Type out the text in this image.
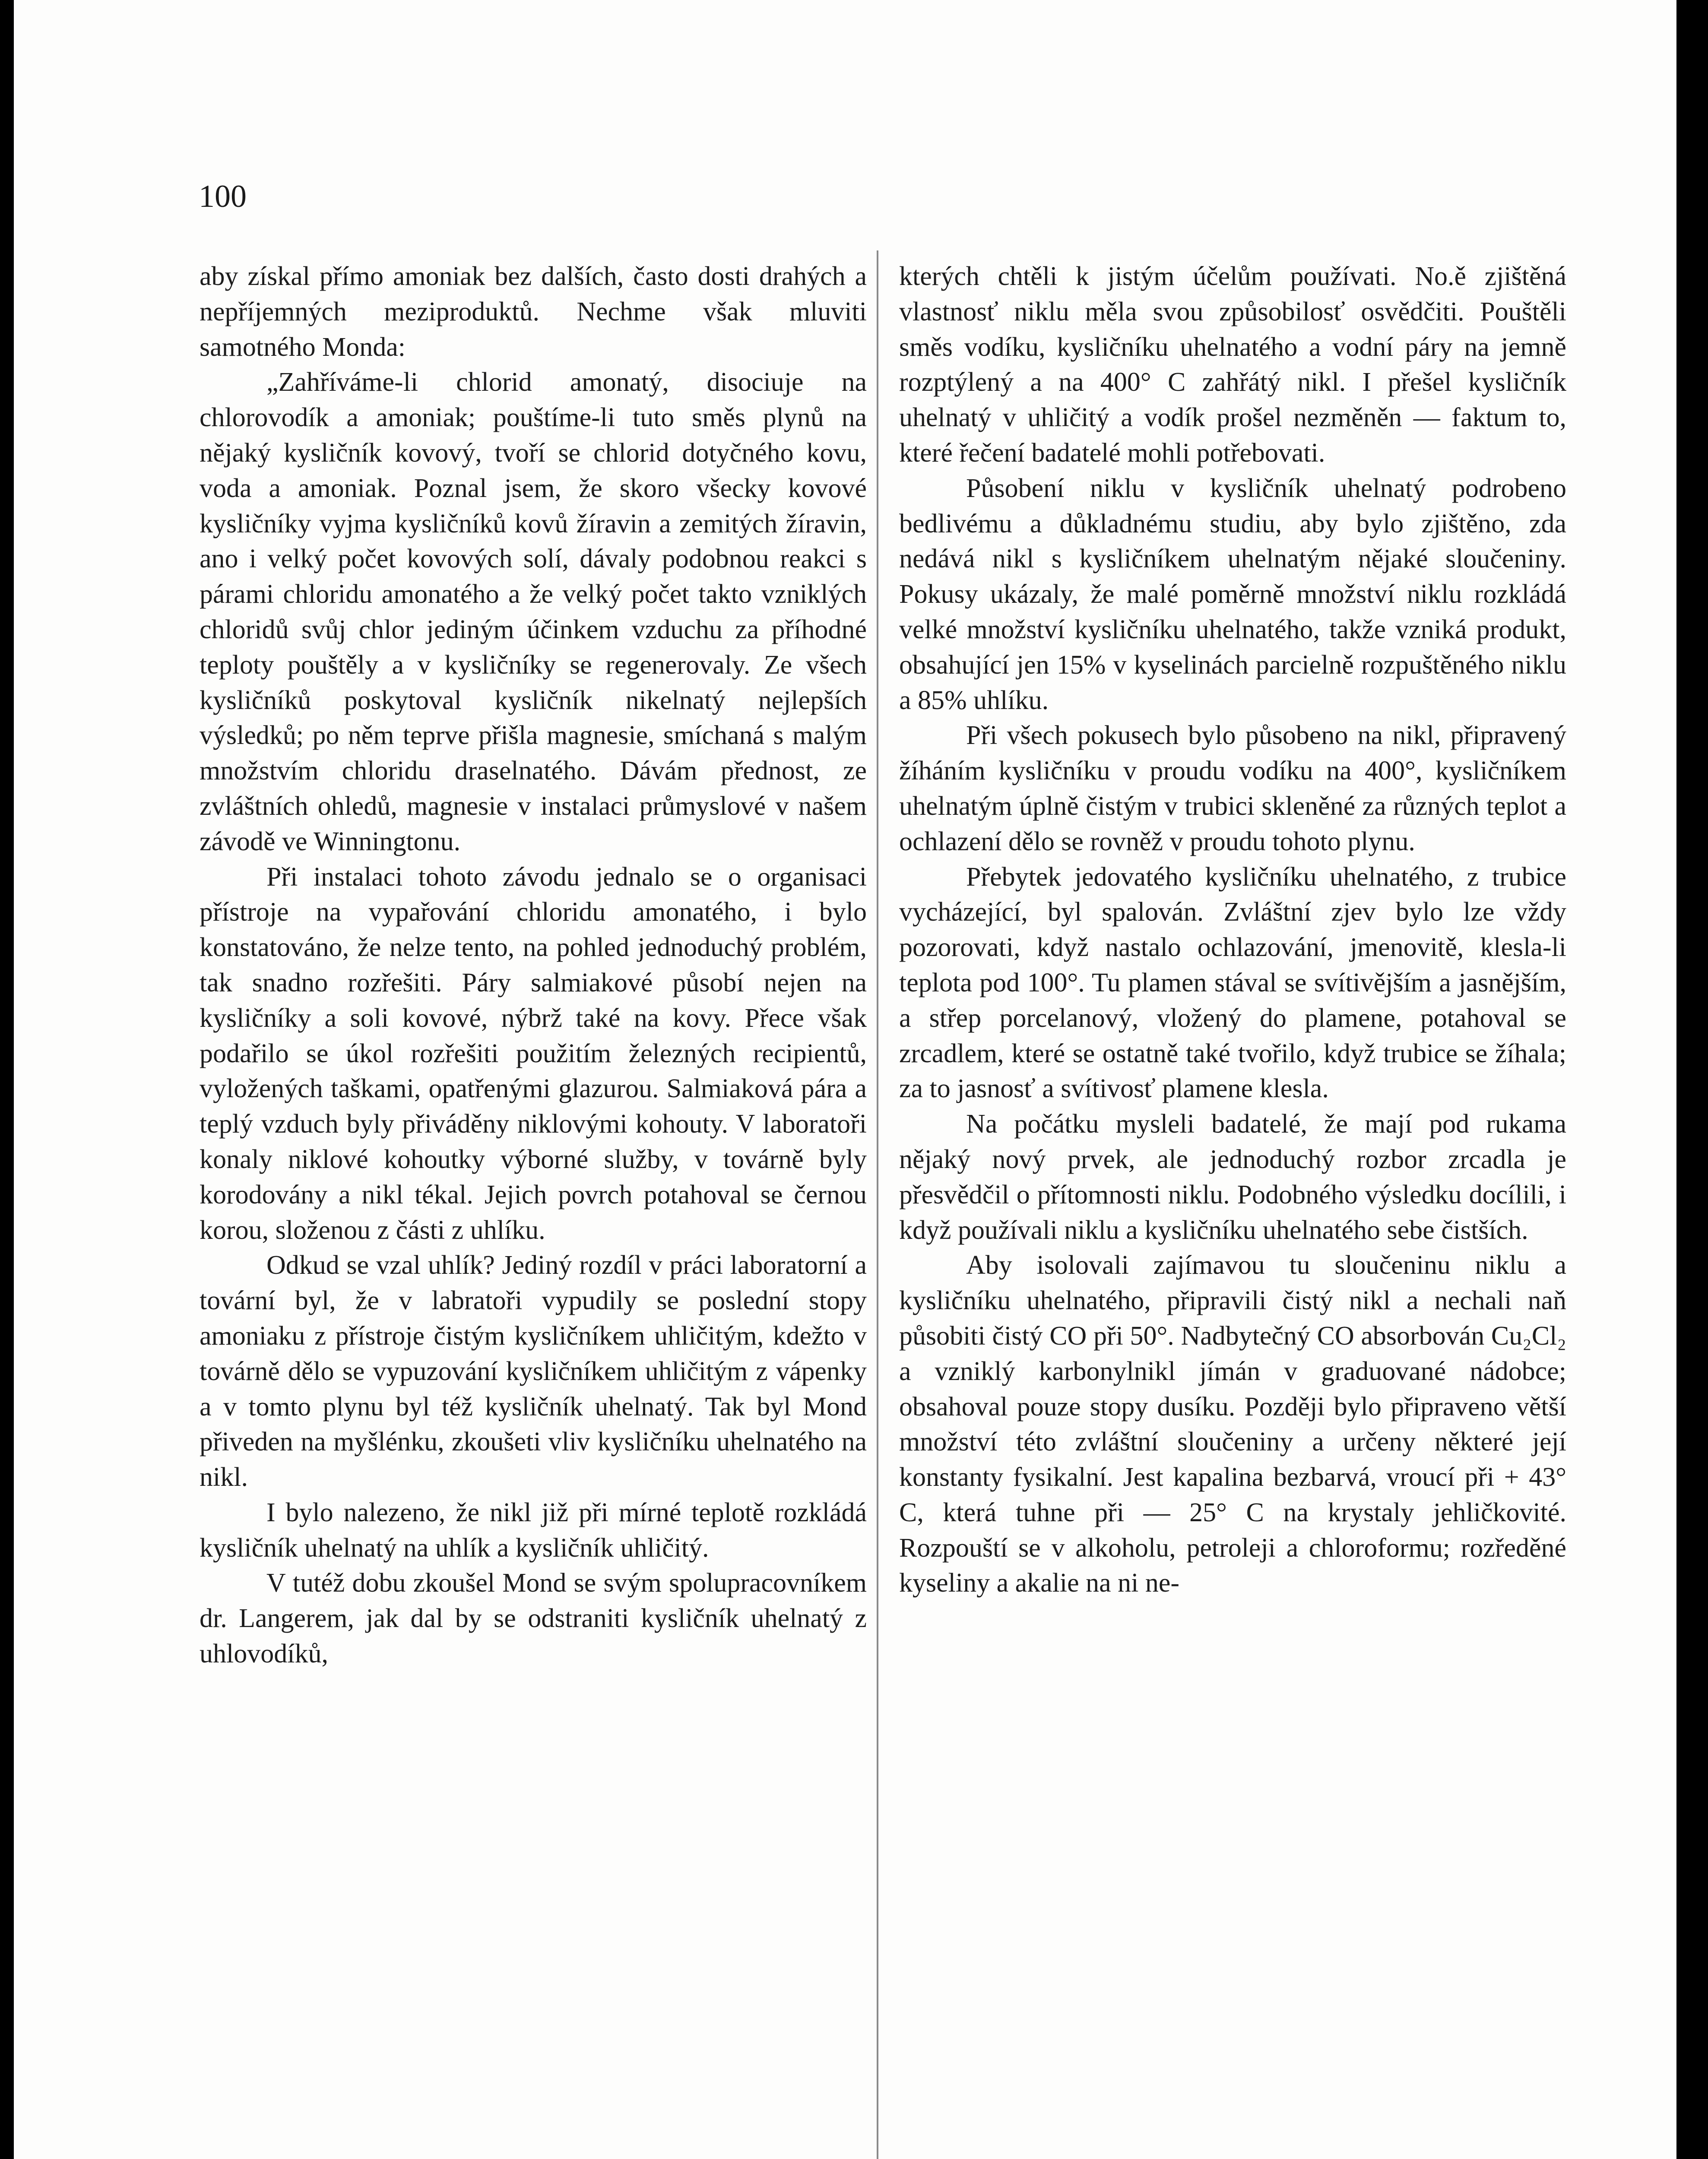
100

aby získal přímo amoniak bez dalších, často dosti drahých a nepříjemných meziproduktů. Nechme však mluviti samotného Monda:

„Zahříváme-li chlorid amonatý, disociuje na chlorovodík a amoniak; pouštíme-li tuto směs plynů na nějaký kysličník kovový, tvoří se chlorid dotyčného kovu, voda a amoniak. Poznal jsem, že skoro všecky kovové kysličníky vyjma kysličníků kovů žíravin a zemitých žíravin, ano i velký počet kovových solí, dávaly podobnou reakci s párami chloridu amonatého a že velký počet takto vzniklých chloridů svůj chlor jediným účinkem vzduchu za příhodné teploty pouštěly a v kysličníky se regenerovaly. Ze všech kysličníků poskytoval kysličník nikelnatý nejlepších výsledků; po něm teprve přišla magnesie, smíchaná s malým množstvím chloridu draselnatého. Dávám přednost, ze zvláštních ohledů, magnesie v instalaci průmyslové v našem závodě ve Winningtonu.

Při instalaci tohoto závodu jednalo se o organisaci přístroje na vypařování chloridu amonatého, i bylo konstatováno, že nelze tento, na pohled jednoduchý problém, tak snadno rozřešiti. Páry salmiakové působí nejen na kysličníky a soli kovové, nýbrž také na kovy. Přece však podařilo se úkol rozřešiti použitím železných recipientů, vyložených taškami, opatřenými glazurou. Salmiaková pára a teplý vzduch byly přiváděny niklovými kohouty. V laboratoři konaly niklové kohoutky výborné služby, v továrně byly korodovány a nikl tékal. Jejich povrch potahoval se černou korou, složenou z části z uhlíku.

Odkud se vzal uhlík? Jediný rozdíl v práci laboratorní a tovární byl, že v labratoři vypudily se poslední stopy amoniaku z přístroje čistým kysličníkem uhličitým, kdežto v továrně dělo se vypuzování kysličníkem uhličitým z vápenky a v tomto plynu byl též kysličník uhelnatý. Tak byl Mond přiveden na myšlénku, zkoušeti vliv kysličníku uhelnatého na nikl.

I bylo nalezeno, že nikl již při mírné teplotě rozkládá kysličník uhelnatý na uhlík a kysličník uhličitý.

V tutéž dobu zkoušel Mond se svým spolupracovníkem dr. Langerem, jak dal by se odstraniti kysličník uhelnatý z uhlovodíků,

kterých chtěli k jistým účelům používati. No.ě zjištěná vlastnosť niklu měla svou způsobilosť osvědčiti. Pouštěli směs vodíku, kysličníku uhelnatého a vodní páry na jemně rozptýlený a na 400° C zahřátý nikl. I přešel kysličník uhelnatý v uhličitý a vodík prošel nezměněn — faktum to, které řečení badatelé mohli potřebovati.

Působení niklu v kysličník uhelnatý podrobeno bedlivému a důkladnému studiu, aby bylo zjištěno, zda nedává nikl s kysličníkem uhelnatým nějaké sloučeniny. Pokusy ukázaly, že malé poměrně množství niklu rozkládá velké množství kysličníku uhelnatého, takže vzniká produkt, obsahující jen 15% v kyselinách parcielně rozpuštěného niklu a 85% uhlíku.

Při všech pokusech bylo působeno na nikl, připravený žíháním kysličníku v proudu vodíku na 400°, kysličníkem uhelnatým úplně čistým v trubici skleněné za různých teplot a ochlazení dělo se rovněž v proudu tohoto plynu.

Přebytek jedovatého kysličníku uhelnatého, z trubice vycházející, byl spalován. Zvláštní zjev bylo lze vždy pozorovati, když nastalo ochlazování, jmenovitě, klesla-li teplota pod 100°. Tu plamen stával se svítivějším a jasnějším, a střep porcelanový, vložený do plamene, potahoval se zrcadlem, které se ostatně také tvořilo, když trubice se žíhala; za to jasnosť a svítivosť plamene klesla.

Na počátku mysleli badatelé, že mají pod rukama nějaký nový prvek, ale jednoduchý rozbor zrcadla je přesvědčil o přítomnosti niklu. Podobného výsledku docílili, i když používali niklu a kysličníku uhelnatého sebe čistších.

Aby isolovali zajímavou tu sloučeninu niklu a kysličníku uhelnatého, připravili čistý nikl a nechali naň působiti čistý CO při 50°. Nadbytečný CO absorbován Cu₂Cl₂ a vzniklý karbonylnikl jímán v graduované nádobce; obsahoval pouze stopy dusíku. Později bylo připraveno větší množství této zvláštní sloučeniny a určeny některé její konstanty fysikalní. Jest kapalina bezbarvá, vroucí při + 43° C, která tuhne při — 25° C na krystaly jehličkovité. Rozpouští se v alkoholu, petroleji a chloroformu; rozředěné kyseliny a akalie na ni ne-
